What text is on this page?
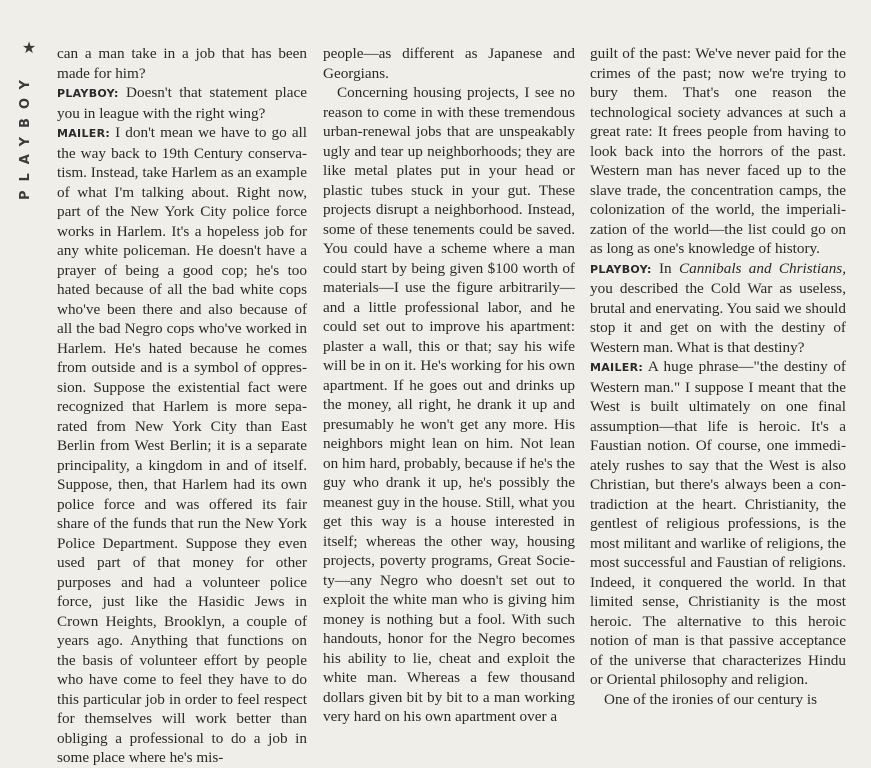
★
PLAYBOY

can a man take in a job that has been made for him?

PLAYBOY: Doesn't that statement place you in league with the right wing?

MAILER: I don't mean we have to go all the way back to 19th Century conservatism. Instead, take Harlem as an example of what I'm talking about. Right now, part of the New York City police force works in Harlem. It's a hopeless job for any white policeman. He doesn't have a prayer of being a good cop; he's too hated because of all the bad white cops who've been there and also because of all the bad Negro cops who've worked in Harlem. He's hated because he comes from outside and is a symbol of oppression. Suppose the existential fact were recognized that Harlem is more separated from New York City than East Berlin from West Berlin; it is a separate principality, a kingdom in and of itself. Suppose, then, that Harlem had its own police force and was offered its fair share of the funds that run the New York Police Department. Suppose they even used part of that money for other purposes and had a volunteer police force, just like the Hasidic Jews in Crown Heights, Brooklyn, a couple of years ago. Anything that functions on the basis of volunteer effort by people who have come to feel they have to do this particular job in order to feel respect for themselves will work better than obliging a professional to do a job in some place where he's mis-

people—as different as Japanese and Georgians.

Concerning housing projects, I see no reason to come in with these tremendous urban-renewal jobs that are unspeakably ugly and tear up neighborhoods; they are like metal plates put in your head or plastic tubes stuck in your gut. These projects disrupt a neighborhood. Instead, some of these tenements could be saved. You could have a scheme where a man could start by being given $100 worth of materials—I use the figure arbitrarily—and a little professional labor, and he could set out to improve his apartment: plaster a wall, this or that; say his wife will be in on it. He's working for his own apartment. If he goes out and drinks up the money, all right, he drank it up and presumably he won't get any more. His neighbors might lean on him. Not lean on him hard, probably, because if he's the guy who drank it up, he's possibly the meanest guy in the house. Still, what you get this way is a house interested in itself; whereas the other way, housing projects, poverty programs, Great Society—any Negro who doesn't set out to exploit the white man who is giving him money is nothing but a fool. With such handouts, honor for the Negro becomes his ability to lie, cheat and exploit the white man. Whereas a few thousand dollars given bit by bit to a man working very hard on his own apartment over a

guilt of the past: We've never paid for the crimes of the past; now we're trying to bury them. That's one reason the technological society advances at such a great rate: It frees people from having to look back into the horrors of the past. Western man has never faced up to the slave trade, the concentration camps, the colonization of the world, the imperialization of the world—the list could go on as long as one's knowledge of history.

PLAYBOY: In Cannibals and Christians, you described the Cold War as useless, brutal and enervating. You said we should stop it and get on with the destiny of Western man. What is that destiny?

MAILER: A huge phrase—"the destiny of Western man." I suppose I meant that the West is built ultimately on one final assumption—that life is heroic. It's a Faustian notion. Of course, one immediately rushes to say that the West is also Christian, but there's always been a contradiction at the heart. Christianity, the gentlest of religious professions, is the most militant and warlike of religions, the most successful and Faustian of religions. Indeed, it conquered the world. In that limited sense, Christianity is the most heroic. The alternative to this heroic notion of man is that passive acceptance of the universe that characterizes Hindu or Oriental philosophy and religion.

One of the ironies of our century is
